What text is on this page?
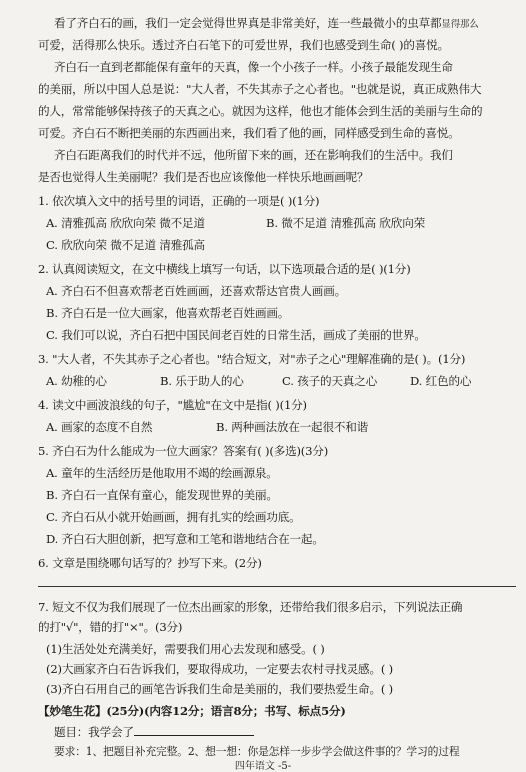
看了齐白石的画，我们一定会觉得世界真是非常美好，连一些最微小的虫草都显得那么
可爱，活得那么快乐。透过齐白石笔下的可爱世界，我们也感受到生命( )的喜悦。
齐白石一直到老都能保有童年的天真，像一个小孩子一样。小孩子最能发现生命
的美丽，所以中国人总是说："大人者，不失其赤子之心者也。"也就是说，真正成熟伟大
的人，常常能够保持孩子的天真之心。就因为这样，他也才能体会到生活的美丽与生命的
可爱。齐白石不断把美丽的东西画出来，我们看了他的画，同样感受到生命的喜悦。
齐白石距离我们的时代并不远，他所留下来的画，还在影响我们的生活中。我们
是否也觉得人生美丽呢？我们是否也应该像他一样快乐地画画呢？
1. 依次填入文中的括号里的词语，正确的一项是( )(1分)
A. 清雅孤高 欣欣向荣 微不足道	B. 微不足道 清雅孤高 欣欣向荣
C. 欣欣向荣 微不足道 清雅孤高
2. 认真阅读短文，在文中横线上填写一句话，以下选项最合适的是( )(1分)
A. 齐白石不但喜欢帮老百姓画画，还喜欢帮达官贵人画画。
B. 齐白石是一位大画家，他喜欢帮老百姓画画。
C. 我们可以说，齐白石把中国民间老百姓的日常生活，画成了美丽的世界。
3. "大人者，不失其赤子之心者也。"结合短文，对"赤子之心"理解准确的是( )。(1分)
A. 幼稚的心	B. 乐于助人的心	C. 孩子的天真之心	D. 红色的心
4. 读文中画波浪线的句子，"尴尬"在文中是指( )(1分)
A. 画家的态度不自然	B. 两种画法放在一起很不和谐
5. 齐白石为什么能成为一位大画家？答案有( )(多选)(3分)
A. 童年的生活经历是他取用不竭的绘画源泉。
B. 齐白石一直保有童心，能发现世界的美丽。
C. 齐白石从小就开始画画，拥有扎实的绘画功底。
D. 齐白石大胆创新，把写意和工笔和谐地结合在一起。
6. 文章是围绕哪句话写的？抄写下来。(2分)
7. 短文不仅为我们展现了一位杰出画家的形象，还带给我们很多启示，下列说法正确
的打"√"，错的打"×"。(3分)
(1)生活处处充满美好，需要我们用心去发现和感受。( )
(2)大画家齐白石告诉我们，要取得成功，一定要去农村寻找灵感。( )
(3)齐白石用自己的画笔告诉我们生命是美丽的，我们要热爱生命。( )
【妙笔生花】(25分)(内容12分；语言8分；书写、标点5分)
题目：我学会了
要求：1、把题目补充完整。2、想一想：你是怎样一步步学会做这件事的？学习的过程
四年语文 -5-
